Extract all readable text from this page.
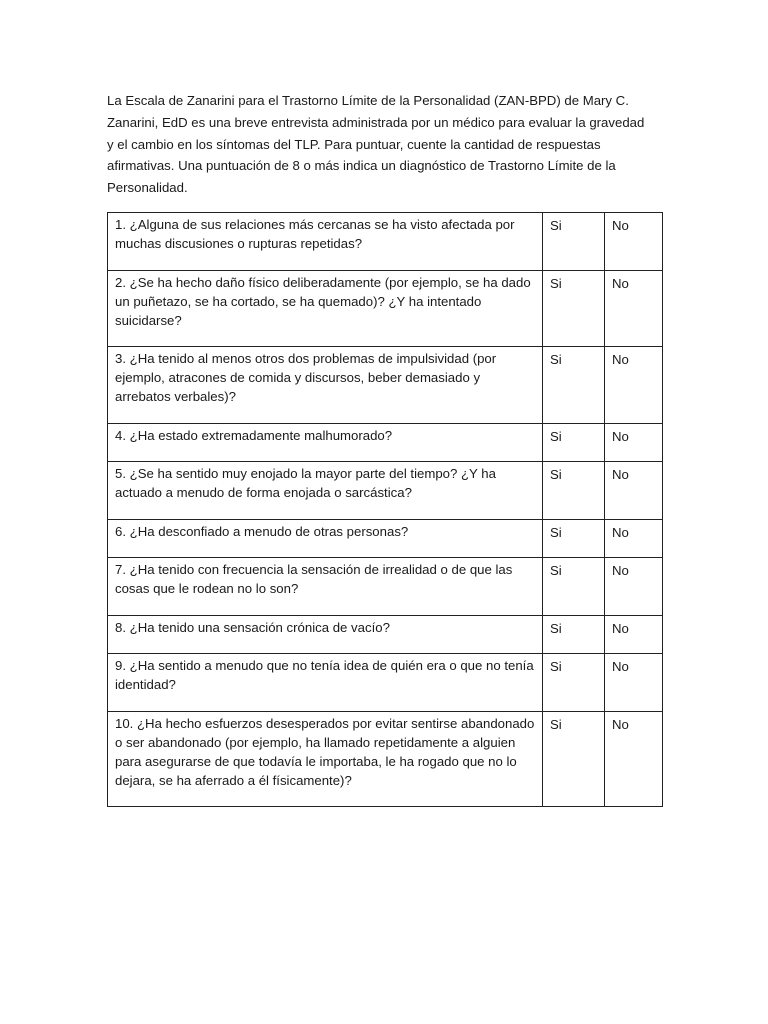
La Escala de Zanarini para el Trastorno Límite de la Personalidad (ZAN-BPD) de Mary C. Zanarini, EdD es una breve entrevista administrada por un médico para evaluar la gravedad y el cambio en los síntomas del TLP. Para puntuar, cuente la cantidad de respuestas afirmativas. Una puntuación de 8 o más indica un diagnóstico de Trastorno Límite de la Personalidad.

1. ¿Alguna de sus relaciones más cercanas se ha visto afectada por muchas discusiones o rupturas repetidas?	Si	No
2. ¿Se ha hecho daño físico deliberadamente (por ejemplo, se ha dado un puñetazo, se ha cortado, se ha quemado)? ¿Y ha intentado suicidarse?	Si	No
3. ¿Ha tenido al menos otros dos problemas de impulsividad (por ejemplo, atracones de comida y discursos, beber demasiado y arrebatos verbales)?	Si	No
4. ¿Ha estado extremadamente malhumorado?	Si	No
5. ¿Se ha sentido muy enojado la mayor parte del tiempo? ¿Y ha actuado a menudo de forma enojada o sarcástica?	Si	No
6. ¿Ha desconfiado a menudo de otras personas?	Si	No
7. ¿Ha tenido con frecuencia la sensación de irrealidad o de que las cosas que le rodean no lo son?	Si	No
8. ¿Ha tenido una sensación crónica de vacío?	Si	No
9. ¿Ha sentido a menudo que no tenía idea de quién era o que no tenía identidad?	Si	No
10. ¿Ha hecho esfuerzos desesperados por evitar sentirse abandonado o ser abandonado (por ejemplo, ha llamado repetidamente a alguien para asegurarse de que todavía le importaba, le ha rogado que no lo dejara, se ha aferrado a él físicamente)?	Si	No
